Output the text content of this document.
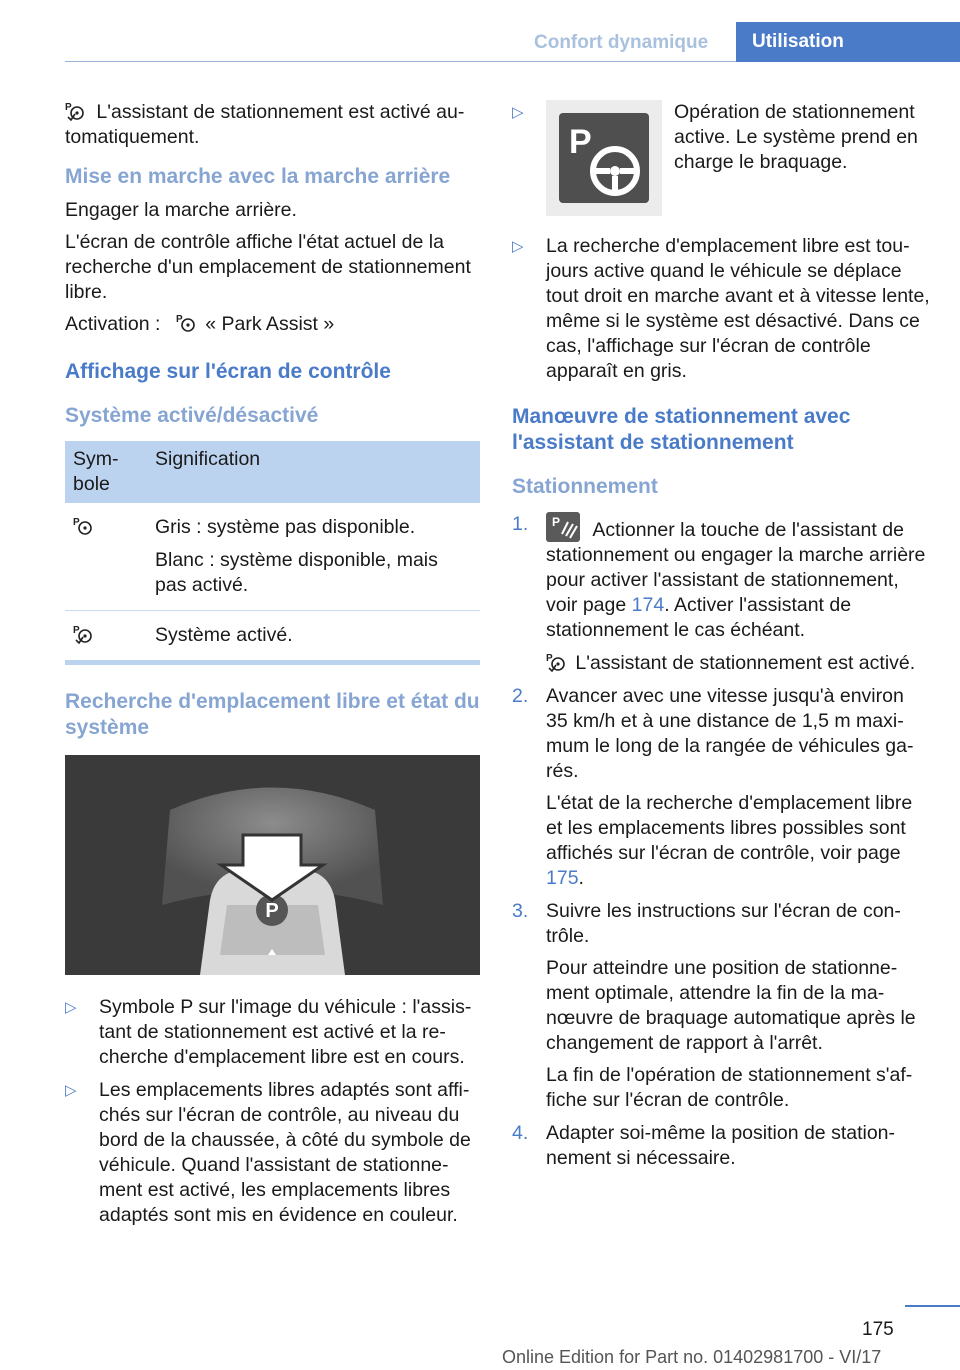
Confort dynamique	Utilisation

P L'assistant de stationnement est activé automatiquement.

Mise en marche avec la marche arrière

Engager la marche arrière.

L'écran de contrôle affiche l'état actuel de la recherche d'un emplacement de stationnement libre.

Activation : P « Park Assist »

Affichage sur l'écran de contrôle
Système activé/désactivé
Symbole	Signification

P	Gris : système pas disponible.

Blanc : système disponible, mais pas activé.

P	Système activé.
Recherche d'emplacement libre et état du système
P
▷	Symbole P sur l'image du véhicule : l'assistant de stationnement est activé et la recherche d'emplacement libre est en cours.
▷	Les emplacements libres adaptés sont affichés sur l'écran de contrôle, au niveau du bord de la chaussée, à côté du symbole de véhicule. Quand l'assistant de stationnement est activé, les emplacements libres adaptés sont mis en évidence en couleur.
▷
P
Opération de stationnement active. Le système prend en charge le braquage.
▷	La recherche d'emplacement libre est toujours active quand le véhicule se déplace tout droit en marche avant et à vitesse lente, même si le système est désactivé. Dans ce cas, l'affichage sur l'écran de contrôle apparaît en gris.
Manœuvre de stationnement avec l'assistant de stationnement
Stationnement
1.	P Actionner la touche de l'assistant de stationnement ou engager la marche arrière pour activer l'assistant de stationnement, voir page 174. Activer l'assistant de stationnement le cas échéant.

P L'assistant de stationnement est activé.

2. Avancer avec une vitesse jusqu'à environ 35 km/h et à une distance de 1,5 m maximum le long de la rangée de véhicules garés.

L'état de la recherche d'emplacement libre et les emplacements libres possibles sont affichés sur l'écran de contrôle, voir page 175.

3. Suivre les instructions sur l'écran de contrôle.

Pour atteindre une position de stationnement optimale, attendre la fin de la manœuvre de braquage automatique après le changement de rapport à l'arrêt.

La fin de l'opération de stationnement s'affiche sur l'écran de contrôle.

4. Adapter soi-même la position de stationnement si nécessaire.
175
Online Edition for Part no. 01402981700 - VI/17
